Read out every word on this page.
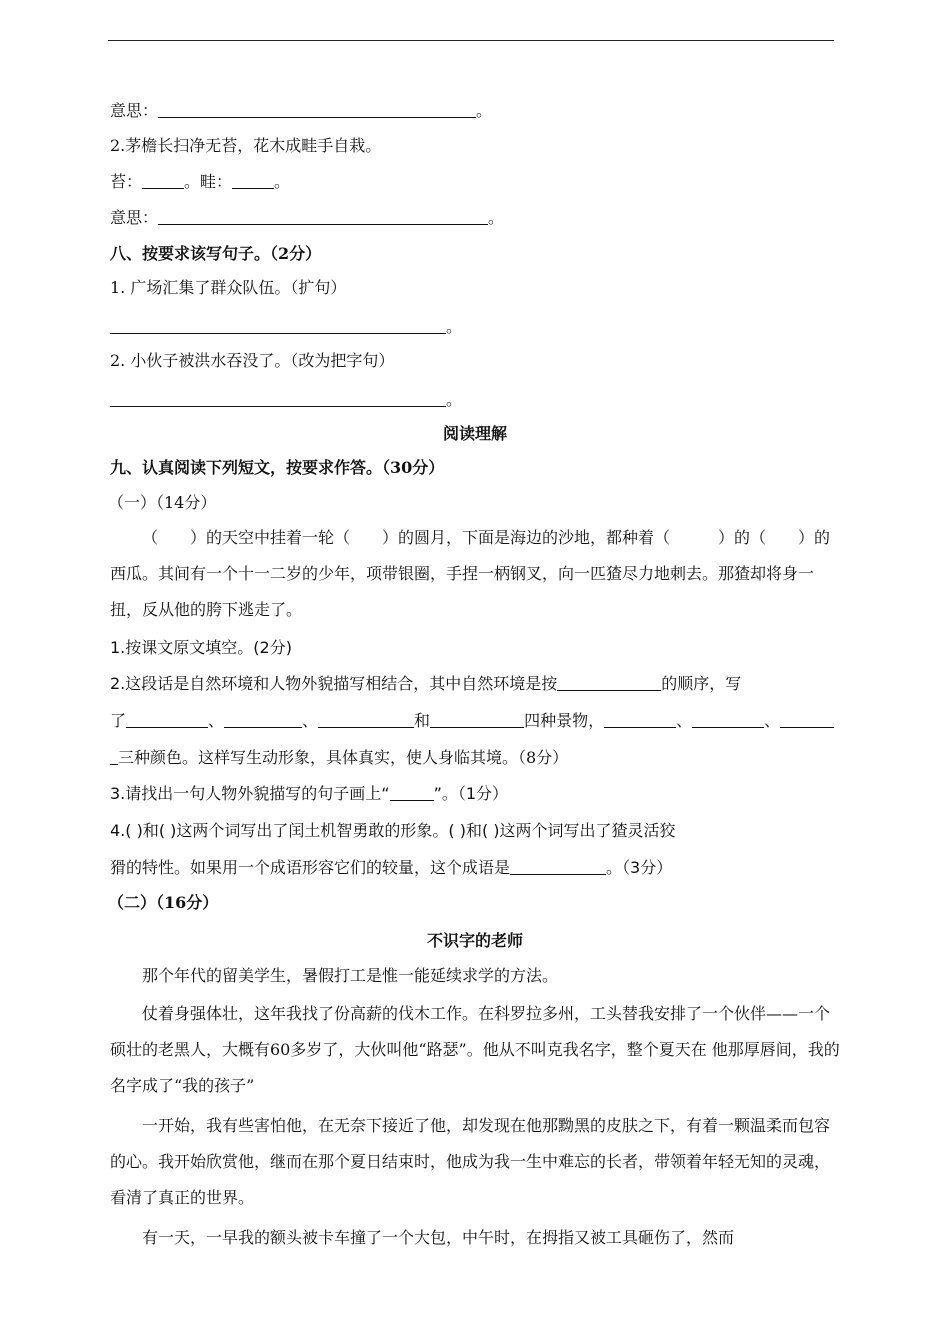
意思：	。
2.茅檐长扫净无苔，花木成畦手自栽。
苔：	。畦：	。
意思：	。
八、按要求该写句子。（2分）
1. 广场汇集了群众队伍。（扩句）
。
2. 小伙子被洪水吞没了。（改为把字句）
。
阅读理解
九、认真阅读下列短文，按要求作答。（30分）
（一）（14分）
（　　）的天空中挂着一轮（　　）的圆月，下面是海边的沙地，都种着（　　　）的（　　）的西瓜。其间有一个十一二岁的少年，项带银圈，手捏一柄钢叉，向一匹猹尽力地刺去。那猹却将身一扭，反从他的胯下逃走了。
1.按课文原文填空。(2分)
2.这段话是自然环境和人物外貌描写相结合，其中自然环境是按	的顺序，写
了	、	、	和	四种景物，	、	、
三种颜色。这样写生动形象，具体真实，使人身临其境。（8分）
3.请找出一句人物外貌描写的句子画上“	”。（1分）
4.( )和( )这两个词写出了闰土机智勇敢的形象。( )和( )这两个词写出了猹灵活狡
猾的特性。如果用一个成语形容它们的较量，这个成语是	。（3分）
（二）（16分）
不识字的老师
那个年代的留美学生，暑假打工是惟一能延续求学的方法。
仗着身强体壮，这年我找了份高薪的伐木工作。在科罗拉多州，工头替我安排了一个伙伴——一个硕壮的老黑人，大概有60多岁了，大伙叫他“路瑟”。他从不叫克我名字，整个夏天在 他那厚唇间，我的名字成了“我的孩子”
一开始，我有些害怕他，在无奈下接近了他，却发现在他那黝黑的皮肤之下，有着一颗温柔而包容的心。我开始欣赏他，继而在那个夏日结束时，他成为我一生中难忘的长者，带领着年轻无知的灵魂，看清了真正的世界。
有一天，一早我的额头被卡车撞了一个大包，中午时，在拇指又被工具砸伤了，然而
